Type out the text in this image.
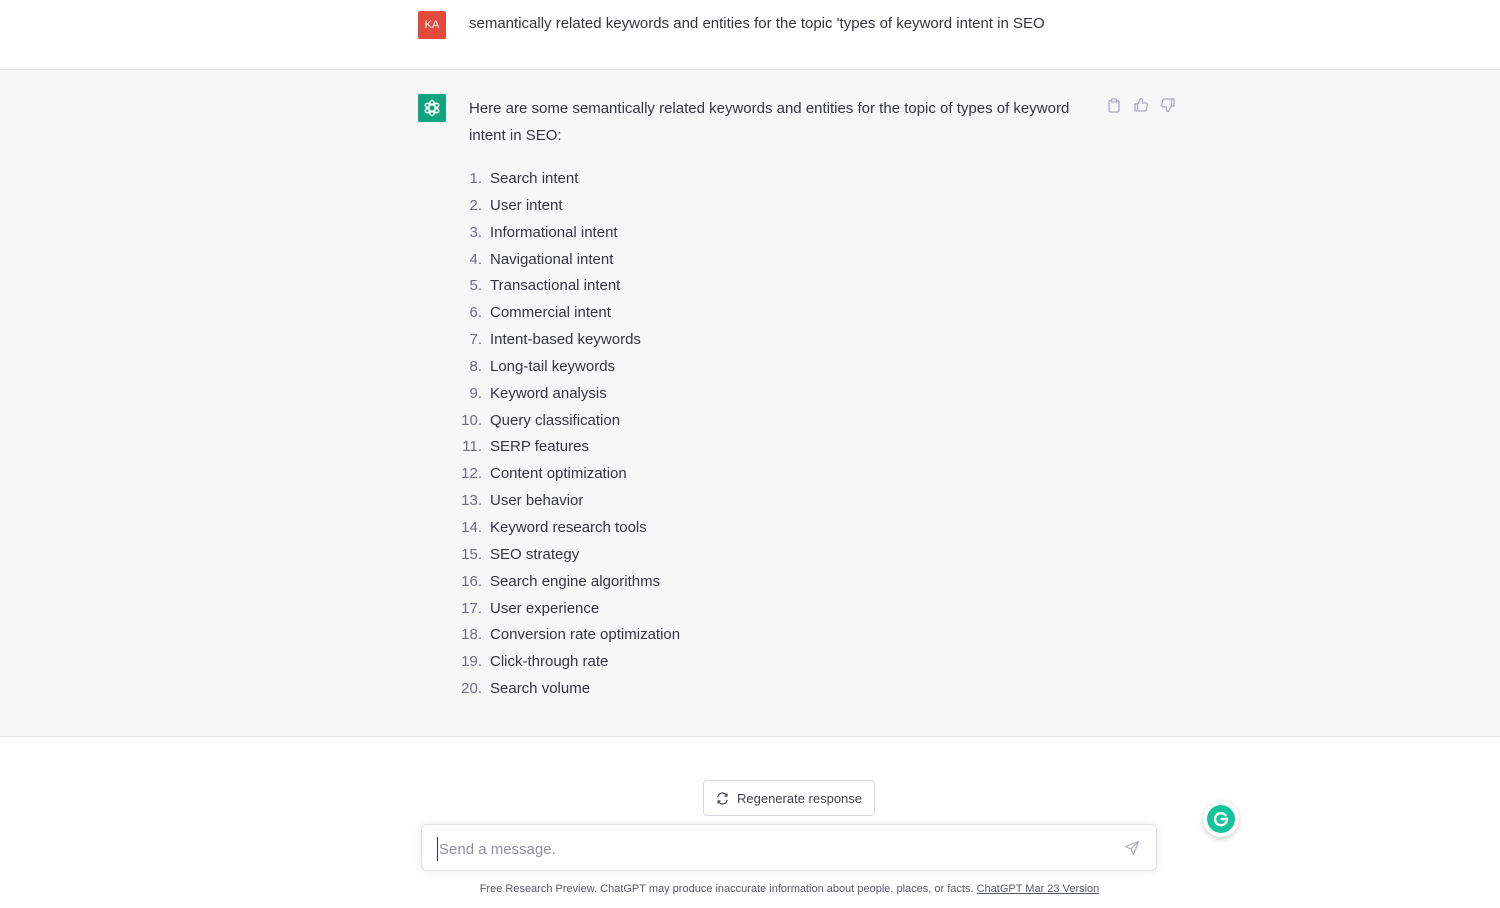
KA	semantically related keywords and entities for the topic 'types of keyword intent in SEO
Here are some semantically related keywords and entities for the topic of types of keyword intent in SEO:
1. Search intent
2. User intent
3. Informational intent
4. Navigational intent
5. Transactional intent
6. Commercial intent
7. Intent-based keywords
8. Long-tail keywords
9. Keyword analysis
10. Query classification
11. SERP features
12. Content optimization
13. User behavior
14. Keyword research tools
15. SEO strategy
16. Search engine algorithms
17. User experience
18. Conversion rate optimization
19. Click-through rate
20. Search volume
Regenerate response
Send a message.
Free Research Preview. ChatGPT may produce inaccurate information about people, places, or facts. ChatGPT Mar 23 Version
